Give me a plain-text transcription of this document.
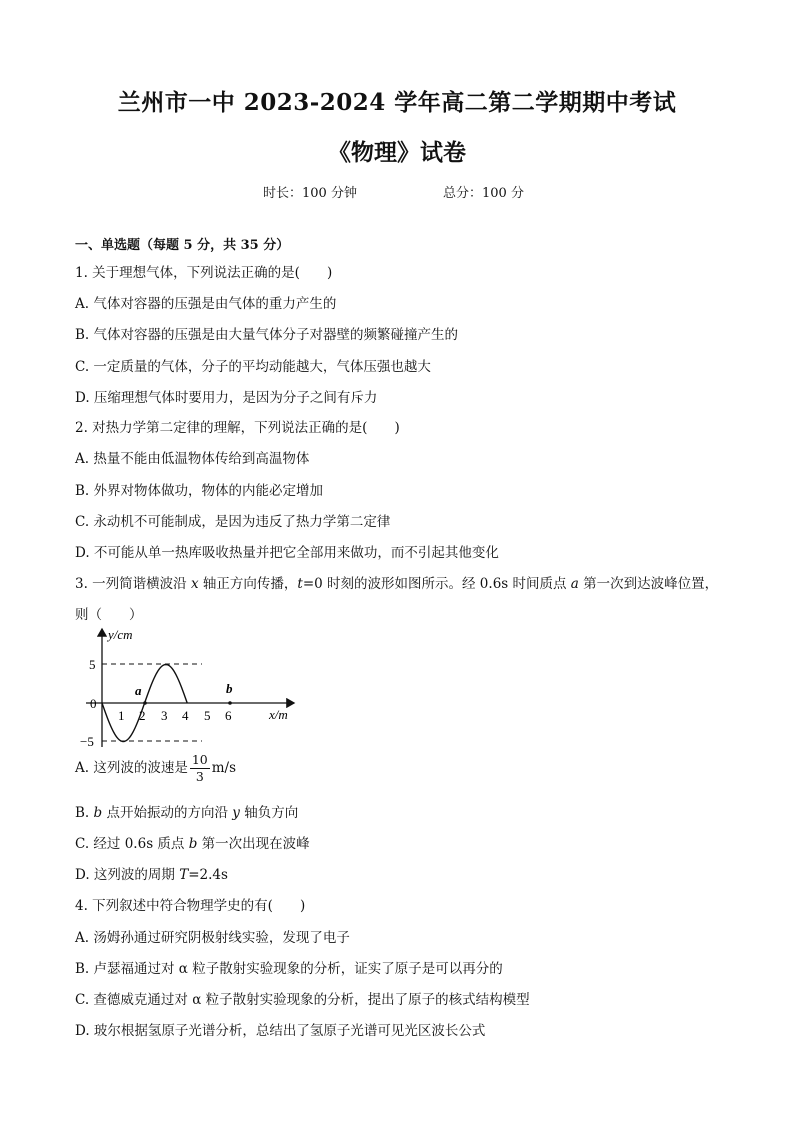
兰州市一中 2023-2024 学年高二第二学期期中考试
《物理》试卷
时长：100 分钟	总分：100 分
一、单选题（每题 5 分，共 35 分）
1. 关于理想气体，下列说法正确的是(　　)
A. 气体对容器的压强是由气体的重力产生的
B. 气体对容器的压强是由大量气体分子对器壁的频繁碰撞产生的
C. 一定质量的气体，分子的平均动能越大，气体压强也越大
D. 压缩理想气体时要用力，是因为分子之间有斥力
2. 对热力学第二定律的理解，下列说法正确的是(　　)
A. 热量不能由低温物体传给到高温物体
B. 外界对物体做功，物体的内能必定增加
C. 永动机不可能制成，是因为违反了热力学第二定律
D. 不可能从单一热库吸收热量并把它全部用来做功，而不引起其他变化
3. 一列简谐横波沿 x 轴正方向传播，t=0 时刻的波形如图所示。经 0.6s 时间质点 a 第一次到达波峰位置，
则（　　）
y/cm
x/m
5
0
−5
1 2 3 4 5 6
a	b
A. 这列波的波速是 $\frac{10}{3} m/s$
B. b 点开始振动的方向沿 y 轴负方向
C. 经过 0.6s 质点 b 第一次出现在波峰
D. 这列波的周期 T=2.4s
4. 下列叙述中符合物理学史的有(　　)
A. 汤姆孙通过研究阴极射线实验，发现了电子
B. 卢瑟福通过对 α 粒子散射实验现象的分析，证实了原子是可以再分的
C. 查德威克通过对 α 粒子散射实验现象的分析，提出了原子的核式结构模型
D. 玻尔根据氢原子光谱分析，总结出了氢原子光谱可见光区波长公式
